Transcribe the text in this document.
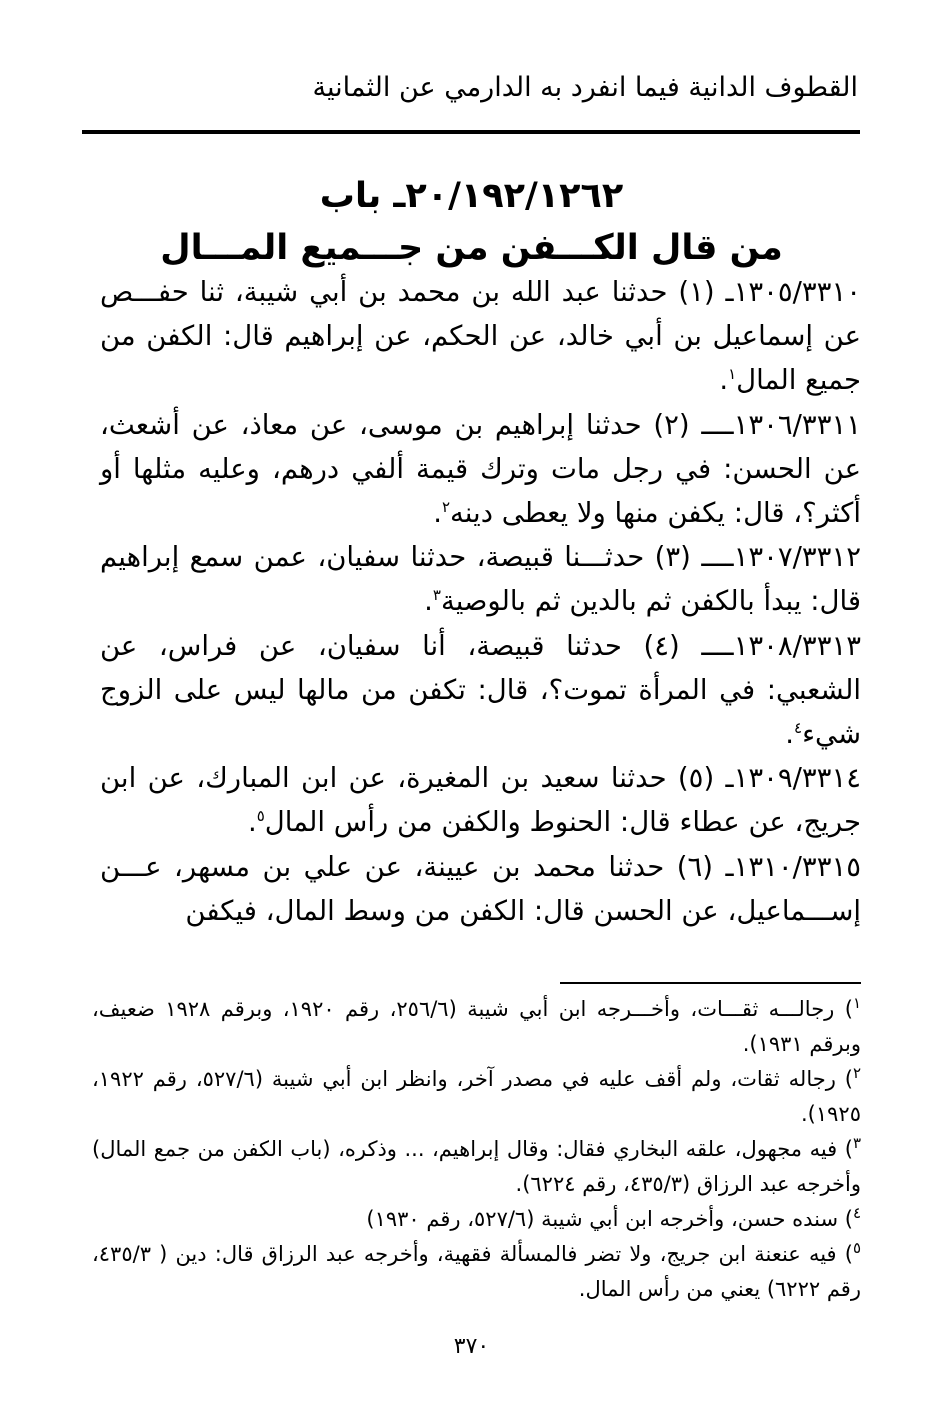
القطوف الدانية فيما انفرد به الدارمي عن الثمانية
٢٠/١٩٢/١٢٦٢ـ باب
من قال الكـــفن من جـــميع المـــال

١٣٠٥/٣٣١٠ـ (١) حدثنا عبد الله بن محمد بن أبي شيبة، ثنا حفـــص عن إسماعيل بن أبي خالد، عن الحكم، عن إبراهيم قال: الكفن من جميع المال$^١$.

١٣٠٦/٣٣١١ــــ (٢) حدثنا إبراهيم بن موسى، عن معاذ، عن أشعث، عن الحسن: في رجل مات وترك قيمة ألفي درهم، وعليه مثلها أو أكثر؟، قال: يكفن منها ولا يعطى دينه$^٢$.

١٣٠٧/٣٣١٢ــــ (٣) حدثـــنا قبيصة، حدثنا سفيان، عمن سمع إبراهيم قال: يبدأ بالكفن ثم بالدين ثم بالوصية$^٣$.

١٣٠٨/٣٣١٣ــــ (٤) حدثنا قبيصة، أنا سفيان، عن فراس، عن الشعبي: في المرأة تموت؟، قال: تكفن من مالها ليس على الزوج شيء$^٤$.

١٣٠٩/٣٣١٤ـ (٥) حدثنا سعيد بن المغيرة، عن ابن المبارك، عن ابن جريج، عن عطاء قال: الحنوط والكفن من رأس المال$^٥$.

١٣١٠/٣٣١٥ـ (٦) حدثنا محمد بن عيينة، عن علي بن مسهر، عـــن إســـماعيل، عن الحسن قال: الكفن من وسط المال، فيكفن

$^١$) رجالـــه ثقـــات، وأخـــرجه ابن أبي شيبة (٢٥٦/٦، رقم ١٩٢٠، وبرقم ١٩٢٨ ضعيف، وبرقم ١٩٣١).

$^٢$) رجاله ثقات، ولم أقف عليه في مصدر آخر، وانظر ابن أبي شيبة (٥٢٧/٦، رقم ١٩٢٢، ١٩٢٥).

$^٣$) فيه مجهول، علقه البخاري فقال: وقال إبراهيم، ... وذكره، (باب الكفن من جمع المال) وأخرجه عبد الرزاق (٤٣٥/٣، رقم ٦٢٢٤).

$^٤$) سنده حسن، وأخرجه ابن أبي شيبة (٥٢٧/٦، رقم ١٩٣٠)

$^٥$) فيه عنعنة ابن جريج، ولا تضر فالمسألة فقهية، وأخرجه عبد الرزاق قال: دين ( ٤٣٥/٣، رقم ٦٢٢٢) يعني من رأس المال.

٣٧٠
